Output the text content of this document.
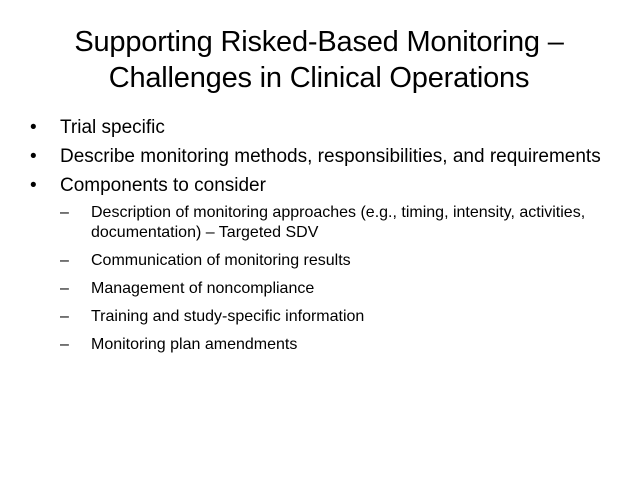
Supporting Risked-Based Monitoring –
Challenges in Clinical Operations
•	Trial specific
•	Describe monitoring methods, responsibilities, and requirements
•	Components to consider
–	Description of monitoring approaches (e.g., timing, intensity, activities, documentation) – Targeted SDV
–	Communication of monitoring results
–	Management of noncompliance
–	Training and study-specific information
–	Monitoring plan amendments
